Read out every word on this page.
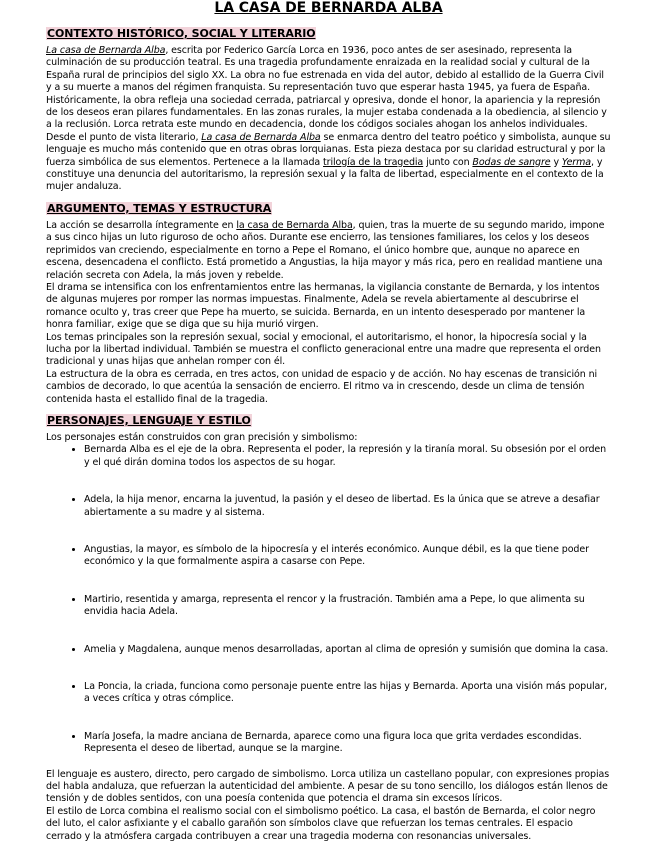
LA CASA DE BERNARDA ALBA
CONTEXTO HISTÓRICO, SOCIAL Y LITERARIO

La casa de Bernarda Alba, escrita por Federico García Lorca en 1936, poco antes de ser asesinado, representa la culminación de su producción teatral. Es una tragedia profundamente enraizada en la realidad social y cultural de la España rural de principios del siglo XX. La obra no fue estrenada en vida del autor, debido al estallido de la Guerra Civil y a su muerte a manos del régimen franquista. Su representación tuvo que esperar hasta 1945, ya fuera de España.

Históricamente, la obra refleja una sociedad cerrada, patriarcal y opresiva, donde el honor, la apariencia y la represión de los deseos eran pilares fundamentales. En las zonas rurales, la mujer estaba condenada a la obediencia, al silencio y a la reclusión. Lorca retrata este mundo en decadencia, donde los códigos sociales ahogan los anhelos individuales.

Desde el punto de vista literario, La casa de Bernarda Alba se enmarca dentro del teatro poético y simbolista, aunque su lenguaje es mucho más contenido que en otras obras lorquianas. Esta pieza destaca por su claridad estructural y por la fuerza simbólica de sus elementos. Pertenece a la llamada trilogía de la tragedia junto con Bodas de sangre y Yerma, y constituye una denuncia del autoritarismo, la represión sexual y la falta de libertad, especialmente en el contexto de la mujer andaluza.

ARGUMENTO, TEMAS Y ESTRUCTURA

La acción se desarrolla íntegramente en la casa de Bernarda Alba, quien, tras la muerte de su segundo marido, impone a sus cinco hijas un luto riguroso de ocho años. Durante ese encierro, las tensiones familiares, los celos y los deseos reprimidos van creciendo, especialmente en torno a Pepe el Romano, el único hombre que, aunque no aparece en escena, desencadena el conflicto. Está prometido a Angustias, la hija mayor y más rica, pero en realidad mantiene una relación secreta con Adela, la más joven y rebelde.

El drama se intensifica con los enfrentamientos entre las hermanas, la vigilancia constante de Bernarda, y los intentos de algunas mujeres por romper las normas impuestas. Finalmente, Adela se revela abiertamente al descubrirse el romance oculto y, tras creer que Pepe ha muerto, se suicida. Bernarda, en un intento desesperado por mantener la honra familiar, exige que se diga que su hija murió virgen.

Los temas principales son la represión sexual, social y emocional, el autoritarismo, el honor, la hipocresía social y la lucha por la libertad individual. También se muestra el conflicto generacional entre una madre que representa el orden tradicional y unas hijas que anhelan romper con él.

La estructura de la obra es cerrada, en tres actos, con unidad de espacio y de acción. No hay escenas de transición ni cambios de decorado, lo que acentúa la sensación de encierro. El ritmo va in crescendo, desde un clima de tensión contenida hasta el estallido final de la tragedia.

PERSONAJES, LENGUAJE Y ESTILO

Los personajes están construidos con gran precisión y simbolismo:

• Bernarda Alba es el eje de la obra. Representa el poder, la represión y la tiranía moral. Su obsesión por el orden y el qué dirán domina todos los aspectos de su hogar.
• Adela, la hija menor, encarna la juventud, la pasión y el deseo de libertad. Es la única que se atreve a desafiar abiertamente a su madre y al sistema.
• Angustias, la mayor, es símbolo de la hipocresía y el interés económico. Aunque débil, es la que tiene poder económico y la que formalmente aspira a casarse con Pepe.
• Martirio, resentida y amarga, representa el rencor y la frustración. También ama a Pepe, lo que alimenta su envidia hacia Adela.
• Amelia y Magdalena, aunque menos desarrolladas, aportan al clima de opresión y sumisión que domina la casa.
• La Poncia, la criada, funciona como personaje puente entre las hijas y Bernarda. Aporta una visión más popular, a veces crítica y otras cómplice.
• María Josefa, la madre anciana de Bernarda, aparece como una figura loca que grita verdades escondidas. Representa el deseo de libertad, aunque se la margine.

El lenguaje es austero, directo, pero cargado de simbolismo. Lorca utiliza un castellano popular, con expresiones propias del habla andaluza, que refuerzan la autenticidad del ambiente. A pesar de su tono sencillo, los diálogos están llenos de tensión y de dobles sentidos, con una poesía contenida que potencia el drama sin excesos líricos.

El estilo de Lorca combina el realismo social con el simbolismo poético. La casa, el bastón de Bernarda, el color negro del luto, el calor asfixiante y el caballo garañón son símbolos clave que refuerzan los temas centrales. El espacio cerrado y la atmósfera cargada contribuyen a crear una tragedia moderna con resonancias universales.
